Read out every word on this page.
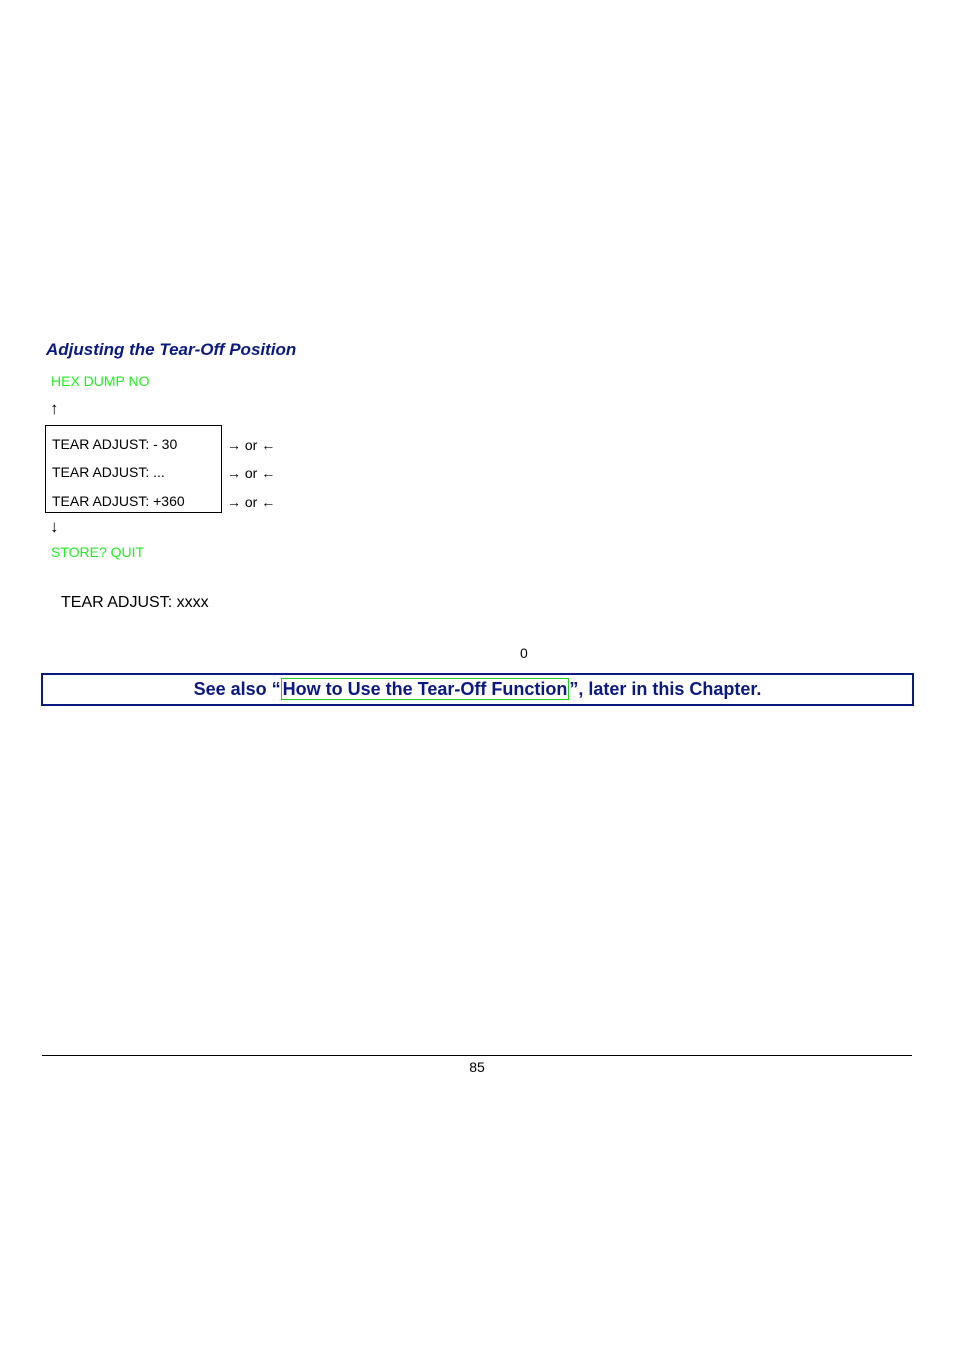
Adjusting the Tear-Off Position
HEX DUMP NO
↑
TEAR ADJUST: - 30
TEAR ADJUST: ...
TEAR ADJUST: +360
→ or ←
→ or ←
→ or ←
↓
STORE? QUIT
TEAR ADJUST: xxxx
0
See also “ How to Use the Tear-Off Function ”, later in this Chapter.
85
